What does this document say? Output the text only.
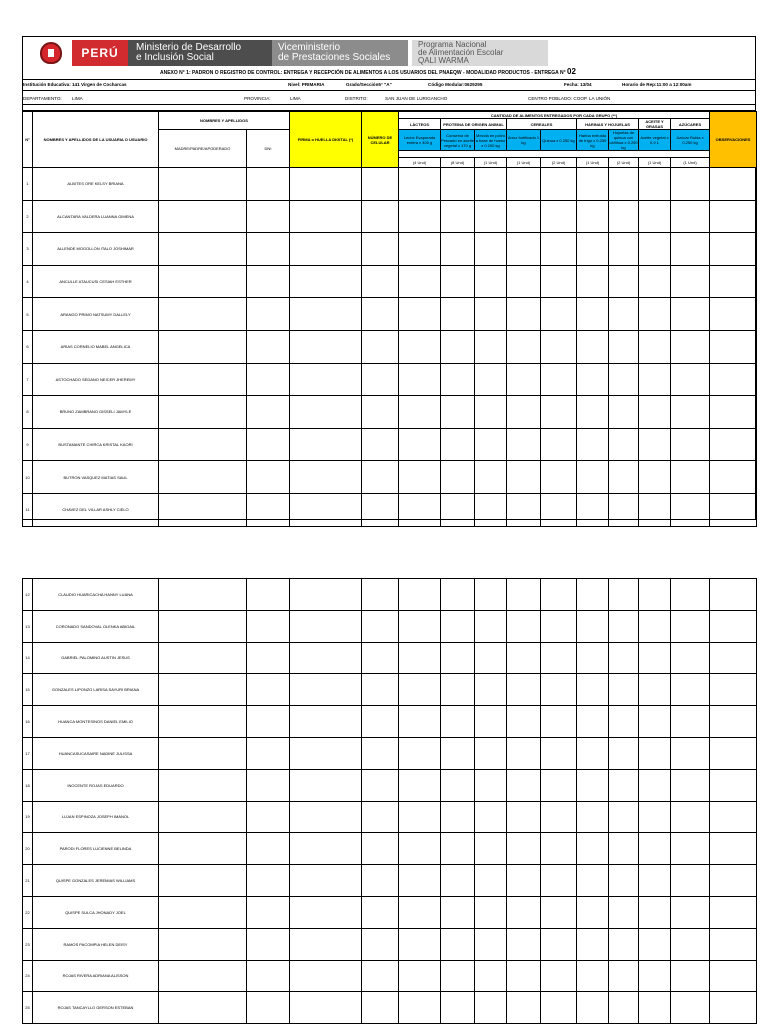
PERÚ	Ministerio de Desarrollo
e Inclusión Social
Viceministerio
de Prestaciones Sociales
Programa Nacional
de Alimentación Escolar
QALI WARMA
ANEXO N° 1: PADRON O REGISTRO DE CONTROL: ENTREGA Y RECEPCIÓN DE ALIMENTOS A LOS USUARIOS DEL PNAEQW - MODALIDAD PRODUCTOS - ENTREGA N° 02
Institución Educativa: 141 Virgen de Cocharcas	Nivel: PRIMARIA	Grado/Sección5° "A"	Código Modular:0629295	Fecha: 13/04	Horario de Rep:11:00 a 12:00am
DEPARTAMENTO: LIMA	PROVINCIA:	LIMA	DISTRITO:	SAN JUAN DE LURIGANCHO	CENTRO POBLADO: COOP. LA UNIÓN
N°	NOMBRES Y APELLIDOS DE LA USUARIA O USUARIO	NOMBRES Y APELLIDOS		FIRMA o HUELLA DIGITAL (*)	NÚMERO DE CELULAR	CANTIDAD DE ALIMENTOS ENTREGADOS POR CADA GRUPO (**)									OBSERVACIONES
						LÁCTEOS	PROTEINA DE ORIGEN ANIMAL		CEREALES		HARINAS Y HOJUELAS		ACEITE Y GRASAS	AZÚCARES	
		MADRE/PADRE/APODERADO	DNI			Leche Evaporada entera x 400 g	Conserva de Pescado en aceite vegetal x 170 g	Mezcla en polvo a base de hueso x 0.200 kg	Arroz fortificado 1 kg	Quinua x 0.250 kg	Harina extruida de trigo x 0.250 kg	Hojuelas de quinua con cañihua x 0.250 kg	Aceite vegetal x 0.9 L	Azúcar Rubia x 0.250 kg	

						(4 Und)	(8 Und)	(1 Und)	(1 Und)	(2 Und)	(1 Und)	(2 Und)	(1 Und)	(1 Und)	
1	ALBITES ORE KELSY BRIANA														
2	ALCANTARA VALDERA LUANNA GIMENA														
3	ALLENDE MOGOLLON ITALO JOSHIMAR														
4	ANCULLE ATAUCUSI CESIAH ESTHER														
5	ARANGO PRIMO NATSUMY DALLELY														
6	ARIAS CORNELIO MABEL ANGELICA														
7	ASTOCHADO SEDANO NEICER JHEREMY														
8	BRUNO ZAMBRANO GISSELI JAMYLE														
9	BUSTAMANTE CHIRCA KRISTAL KAORI														
10	BUTRON VASQUEZ MATIAS SAUL														
11	CHAVEZ DEL VILLAR ASHLY CIELO														
12	CLAUDIO HUARICACHA HANNY LUANA														
13	CORONADO SANDOVAL OLENKA ABIGAIL														
14	GABRIEL PALOMINO AUSTIN JESUS														
15	GONZALES LIPONZO LARISA SAYURI BRIANA														
16	HUANCA MONTESINOS DANIEL EMILIO														
17	HUANCASUCASAIRE NADINE JULISSA														
18	INOCENTE ROJAS EDUARDO														
19	LUJAN ESPINOZA JOSEPH IMANOL														
20	PARODI FLORES LUCIENNE BELINDA														
21	QUISPE GONZALES JEREMIAS WILLIAMS														
22	QUISPE SULCA JHONADY JOEL														
23	RAMOS PACOMPIA HELEN DEISY														
24	ROJAS RIVERA ADRIANA ALISSON														
25	ROJAS TANCAYLLO GERSON ESTEBAN														
